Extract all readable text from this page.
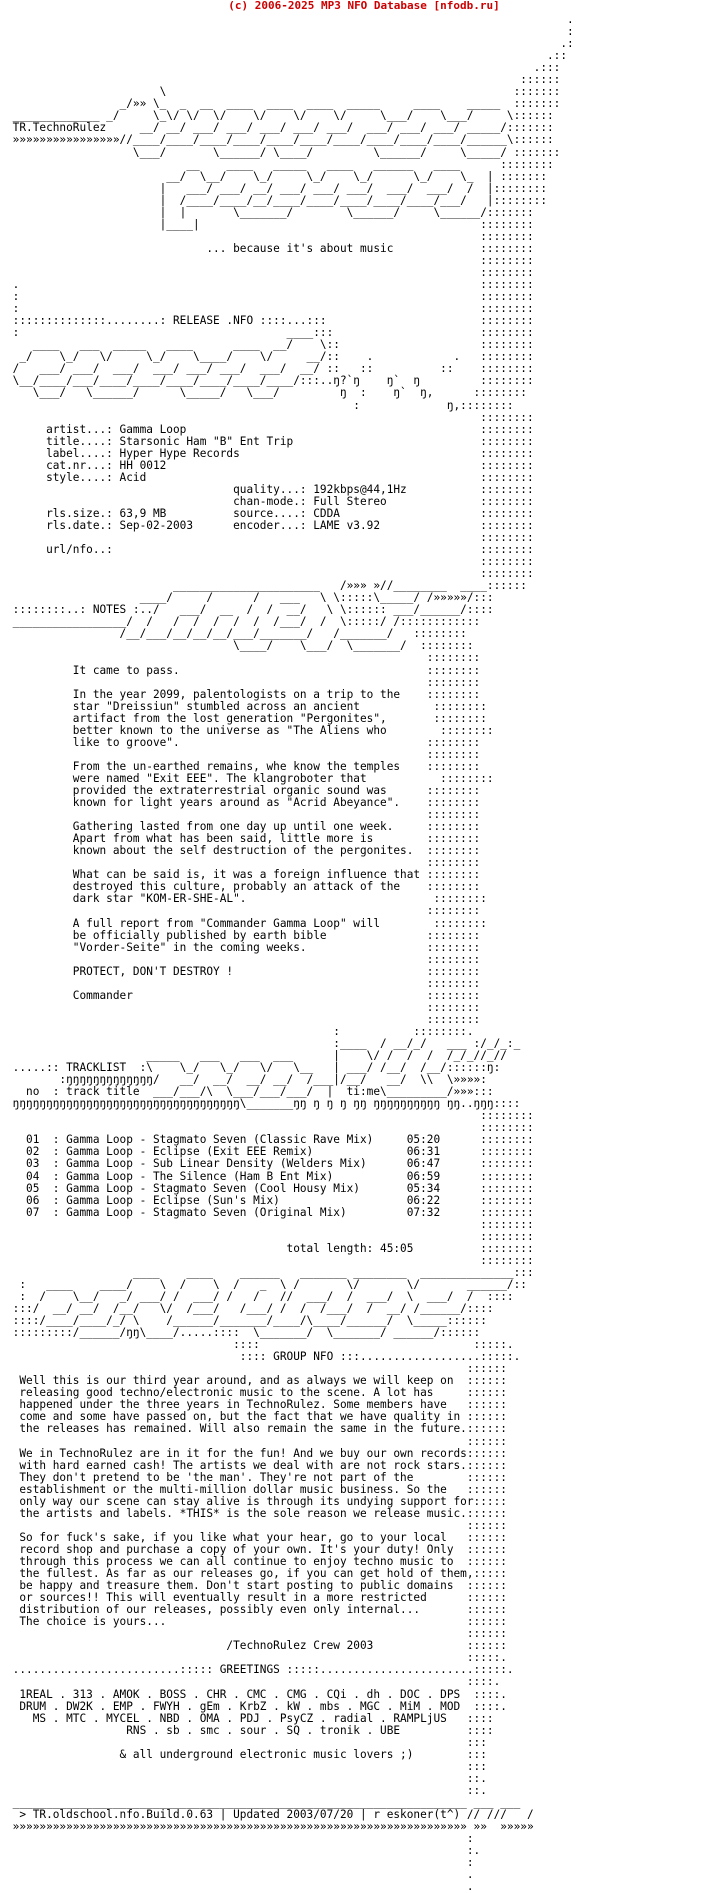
(c) 2006-2025 MP3 NFO Database [nfodb.ru]
.
:
.:
.::
.:::
::::::
\                                                    :::::::
_/»» \_  _  __  ____  ____  ____  _____     ____    _____  :::::::
_____________ _/     \_\/ \/  \/    \/    \/    \/     \___/    \___/     \::::::
TR.TechnoRulez     __/ __/ ___/ ___/ ___/ ___/ ___/  ___/ ___/ ___/ _____/:::::::
»»»»»»»»»»»»»»»»//____/____/____/____/____/____/____/____/____/____/______\::::::
\___/       \______/ \____/         \______/     \_____/ :::::::
__    ____   _____   ____   ______   ____      ::::::::
__/  \__/    \_/     \_/    \_/      \_/    \_  | :::::::
|   ___/ ___/ __/ ___/ ___/ ___/  ___/  ___/  /  |::::::::
|  /____/____/__/____/____/____/____/____/___/   |::::::::
|  |       \_______/        \______/     \______/:::::::
|____|                                          ::::::::
::::::::
... because it's about music             ::::::::
::::::::
::::::::
.                                                                     ::::::::
:                                                                     ::::::::
:                                                                     ::::::::
::::::::::::::........: RELEASE .NFO ::::...:::                       ::::::::
:                                        ____:::                      ::::::::
____   ___  _____   ____      ____  __/    \::                     ::::::::
_/    \_/   \/     \_/    \____/    \/     __/::    .            .   ::::::::
/   ___/ ___/  ___/  ___/ ___/ ___/  ___/  __/ ::   ::          ::    ::::::::
\__/____/___/____/____/____/____/____/____/:::..ŋ?`ŋ    ŋ`  ŋ         ::::::::
\___/   \______/      \_____/   \___/         ŋ  :    ŋ`  ŋ,      ::::::::
:             ŋ,::::::::
::::::::
artist...: Gamma Loop                                            ::::::::
title....: Starsonic Ham "B" Ent Trip                            ::::::::
label....: Hyper Hype Records                                    ::::::::
cat.nr...: HH 0012                                               ::::::::
style....: Acid                                                  ::::::::
quality...: 192kbps@44,1Hz           ::::::::
chan-mode.: Full Stereo              ::::::::
rls.size.: 63,9 MB          source....: CDDA                     ::::::::
rls.date.: Sep-02-2003      encoder...: LAME v3.92               ::::::::
::::::::
url/nfo..:                                                       ::::::::
::::::::
::::::::
______________________   /»»» »//________  ____::::::
____/     /      /   ___   \ \:::::\_____/ /»»»»»/:::
::::::::..: NOTES :../   ___/  __  /  /  __/   \ \:::::: ___/______/::::
_________________/  /   /  /  /  /  /  /___/  /  \:::::/ /::::::::::::
/__/___/__/__/__/___/_______/   /_______/   ::::::::
\____/    \___/  \_______/  ::::::::
::::::::
It came to pass.                                     ::::::::
::::::::
In the year 2099, palentologists on a trip to the    ::::::::
star "Dreissiun" stumbled across an ancient           ::::::::
artifact from the lost generation "Pergonites",       ::::::::
better known to the universe as "The Aliens who        ::::::::
like to groove".                                     ::::::::
::::::::
From the un-earthed remains, whe know the temples    ::::::::
were named "Exit EEE". The klangroboter that           ::::::::
provided the extraterrestrial organic sound was      ::::::::
known for light years around as "Acrid Abeyance".    ::::::::
::::::::
Gathering lasted from one day up until one week.     ::::::::
Apart from what has been said, little more is        ::::::::
known about the self destruction of the pergonites.  ::::::::
::::::::
What can be said is, it was a foreign influence that ::::::::
destroyed this culture, probably an attack of the    ::::::::
dark star "KOM-ER-SHE-AL".                            ::::::::
::::::::
A full report from "Commander Gamma Loop" will        ::::::::
be officially published by earth bible               ::::::::
"Vorder-Seite" in the coming weeks.                  ::::::::
::::::::
PROTECT, DON'T DESTROY !                             ::::::::
::::::::
Commander                                            ::::::::
::::::::
::::::::
:           ::::::::.
:____  / __/_/   ___ :/_/_:_
_____   ___   ___  ___      |    \/ /  /  /  /_/_//_//
.....:: TRACKLIST  :\    \_/   \_/   \/   \__   | ___/ /__/  /__/::::::ŋ:
:ŋŋŋŋŋŋŋŋŋŋŋŋŋ/   __/  __/  __/ __/  /___|/__/   __/  \\  \»»»»:
no  : track title  ___/___/\  \___/___/___/  |  ti:me\_________/»»»:::
ŋŋŋŋŋŋŋŋŋŋŋŋŋŋŋŋŋŋŋŋŋŋŋŋŋŋŋŋŋŋŋŋŋŋ\_______ŋŋ ŋ ŋ ŋ ŋŋ ŋŋŋŋŋŋŋŋŋŋ ŋŋ..ŋŋŋ::::
::::::::
::::::::
01  : Gamma Loop - Stagmato Seven (Classic Rave Mix)     05:20      ::::::::
02  : Gamma Loop - Eclipse (Exit EEE Remix)              06:31      ::::::::
03  : Gamma Loop - Sub Linear Density (Welders Mix)      06:47      ::::::::
04  : Gamma Loop - The Silence (Ham B Ent Mix)           06:59      ::::::::
05  : Gamma Loop - Stagmato Seven (Cool Housy Mix)       05:34      ::::::::
06  : Gamma Loop - Eclipse (Sun's Mix)                   06:22      ::::::::
07  : Gamma Loop - Stagmato Seven (Original Mix)         07:32      ::::::::
::::::::
::::::::
total length: 45:05          ::::::::
::::::::
____    ____    ______   _______ ________  ______________:::
:   ____    ____/    \  /    \  /   _  \ /       \/       \/       ______/::
:  /    \__/   _/ ___/ /  ___/ /   /   //  ___/  /  ___/  \  ___/  /  ::::
:::/  __/ __/  /__/   \/  /___/   /___/ /  /  /___/  /  __/ /______/::::
::::/____/____/_/ \    /______/_______/____/\____/______/  \_____::::::
:::::::::/______/ŋŋ\____/.....::::  \_______/  \_______/ ______/::::::
::::                                :::::.
:::: GROUP NFO :::..................:::::.
::::::
Well this is our third year around, and as always we will keep on  ::::::
releasing good techno/electronic music to the scene. A lot has     ::::::
happened under the three years in TechnoRulez. Some members have   ::::::
come and some have passed on, but the fact that we have quality in ::::::
the releases has remained. Will also remain the same in the future.::::::
::::::
We in TechnoRulez are in it for the fun! And we buy our own records::::::
with hard earned cash! The artists we deal with are not rock stars.::::::
They don't pretend to be 'the man'. They're not part of the        ::::::
establishment or the multi-million dollar music business. So the   ::::::
only way our scene can stay alive is through its undying support for:::::
the artists and labels. *THIS* is the sole reason we release music.::::::
::::::
So for fuck's sake, if you like what your hear, go to your local   ::::::
record shop and purchase a copy of your own. It's your duty! Only  ::::::
through this process we can all continue to enjoy techno music to  ::::::
the fullest. As far as our releases go, if you can get hold of them,:::::
be happy and treasure them. Don't start posting to public domains  ::::::
or sources!! This will eventually result in a more restricted      ::::::
distribution of our releases, possibly even only internal...       ::::::
The choice is yours...                                             ::::::
::::::
/TechnoRulez Crew 2003              ::::::
:::::.
.........................::::: GREETINGS :::::.......................:::::.
::::.
1REAL . 313 . AMOK . BOSS . CHR . CMC . CMG . CQi . dh . DOC . DPS  ::::.
DRUM . DW2K . EMP . FWYH . gEm . KrbZ . kW . mbs . MGC . MiM . MOD  ::::.
MS . MTC . MYCEL . NBD . OMA . PDJ . PsyCZ . radial . RAMPLjUS   ::::
RNS . sb . smc . sour . SQ . tronik . UBE          ::::
:::
& all underground electronic music lovers ;)        :::
:::
::.
::.
____________________________________________________________________ ___ ___
> TR.oldschool.nfo.Build.0.63 | Updated 2003/07/20 | r eskoner(t^) // ///   /
»»»»»»»»»»»»»»»»»»»»»»»»»»»»»»»»»»»»»»»»»»»»»»»»»»»»»»»»»»»»»»»»»»»» »»  »»»»»
:
:.
:
.
.
